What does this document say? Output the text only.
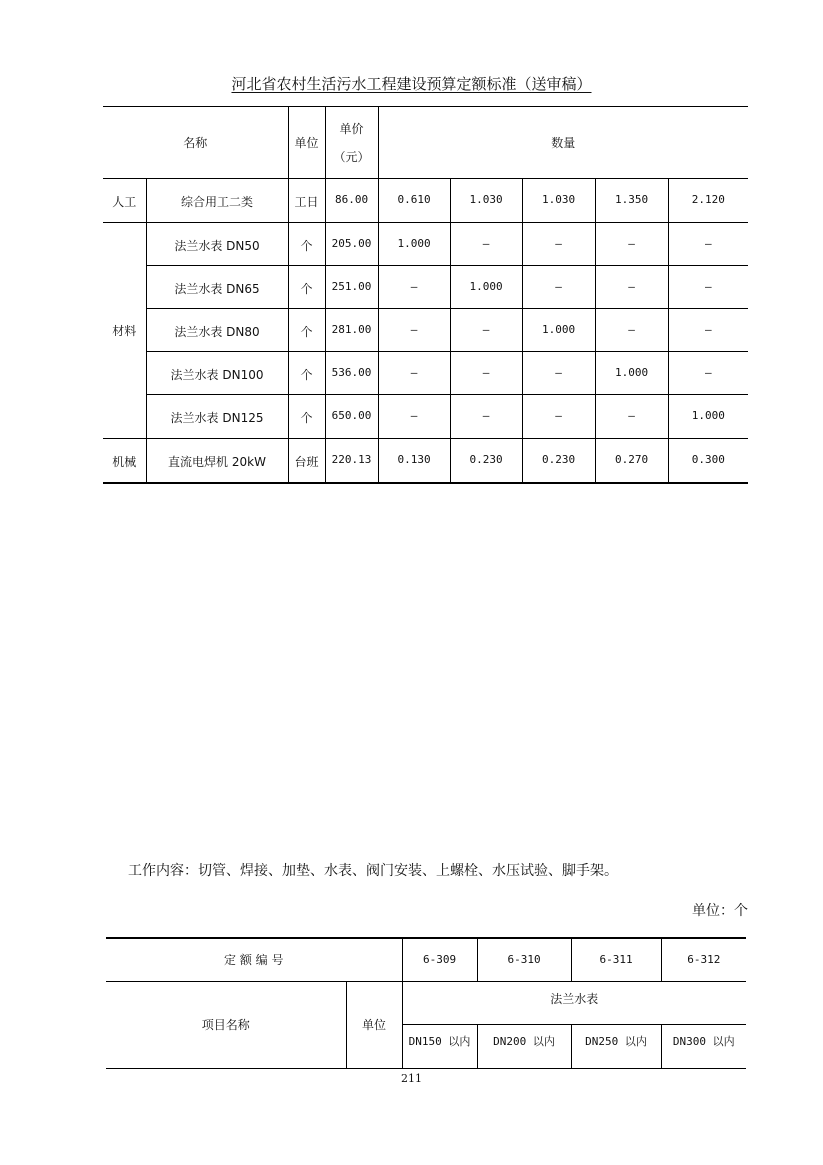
河北省农村生活污水工程建设预算定额标准（送审稿）
名称		单位	单价
（元）	数量				
人工	综合用工二类	工日	86.00	0.610	1.030	1.030	1.350	2.120
材料	法兰水表 DN50	个	205.00	1.000	–	–	–	–
	法兰水表 DN65	个	251.00	–	1.000	–	–	–
	法兰水表 DN80	个	281.00	–	–	1.000	–	–
	法兰水表 DN100	个	536.00	–	–	–	1.000	–
	法兰水表 DN125	个	650.00	–	–	–	–	1.000
机械	直流电焊机 20kW	台班	220.13	0.130	0.230	0.230	0.270	0.300
工作内容：切管、焊接、加垫、水表、阀门安装、上螺栓、水压试验、脚手架。
单位：个
定 额 编 号		6-309	6-310	6-311	6-312
项目名称	单位	法兰水表			
		DN150 以内	DN200 以内	DN250 以内	DN300 以内
211
